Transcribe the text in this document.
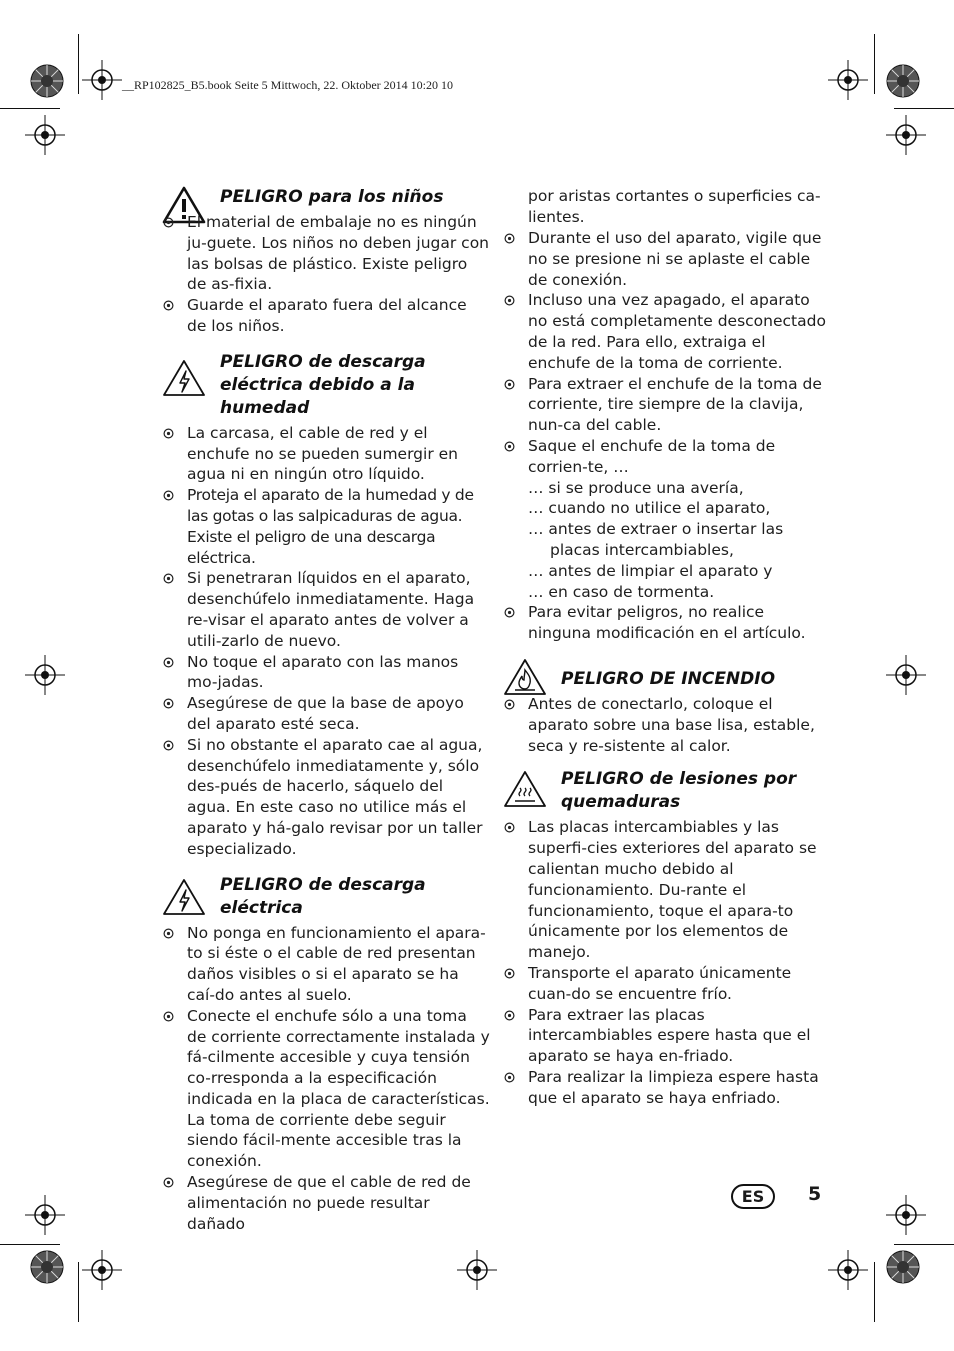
__RP102825_B5.book Seite 5 Mittwoch, 22. Oktober 2014 10:20 10
PELIGRO para los niños
El material de embalaje no es ningún ju-guete. Los niños no deben jugar con las bolsas de plástico. Existe peligro de as-fixia.
Guarde el aparato fuera del alcance de los niños.
PELIGRO de descarga eléctrica debido a la humedad
La carcasa, el cable de red y el enchufe no se pueden sumergir en agua ni en ningún otro líquido.
Proteja el aparato de la humedad y de las gotas o las salpicaduras de agua. Existe el peligro de una descarga eléctrica.
Si penetraran líquidos en el aparato, desenchúfelo inmediatamente. Haga re-visar el aparato antes de volver a utili-zarlo de nuevo.
No toque el aparato con las manos mo-jadas.
Asegúrese de que la base de apoyo del aparato esté seca.
Si no obstante el aparato cae al agua, desenchúfelo inmediatamente y, sólo des-pués de hacerlo, sáquelo del agua. En este caso no utilice más el aparato y há-galo revisar por un taller especializado.
PELIGRO de descarga eléctrica
No ponga en funcionamiento el apara-to si éste o el cable de red presentan daños visibles o si el aparato se ha caí-do antes al suelo.
Conecte el enchufe sólo a una toma de corriente correctamente instalada y fá-cilmente accesible y cuya tensión co-rresponda a la especificación indicada en la placa de características. La toma de corriente debe seguir siendo fácil-mente accesible tras la conexión.
Asegúrese de que el cable de red de alimentación no puede resultar dañado
por aristas cortantes o superficies ca-lientes.
Durante el uso del aparato, vigile que no se presione ni se aplaste el cable de conexión.
Incluso una vez apagado, el aparato no está completamente desconectado de la red. Para ello, extraiga el enchufe de la toma de corriente.
Para extraer el enchufe de la toma de corriente, tire siempre de la clavija, nun-ca del cable.
Saque el enchufe de la toma de corrien-te, …
… si se produce una avería,
… cuando no utilice el aparato,
… antes de extraer o insertar las placas intercambiables,
… antes de limpiar el aparato y
… en caso de tormenta.
Para evitar peligros, no realice ninguna modificación en el artículo.
PELIGRO DE INCENDIO
Antes de conectarlo, coloque el aparato sobre una base lisa, estable, seca y re-sistente al calor.
PELIGRO de lesiones por quemaduras
Las placas intercambiables y las superfi-cies exteriores del aparato se calientan mucho debido al funcionamiento. Du-rante el funcionamiento, toque el apara-to únicamente por los elementos de manejo.
Transporte el aparato únicamente cuan-do se encuentre frío.
Para extraer las placas intercambiables espere hasta que el aparato se haya en-friado.
Para realizar la limpieza espere hasta que el aparato se haya enfriado.
ES	5
